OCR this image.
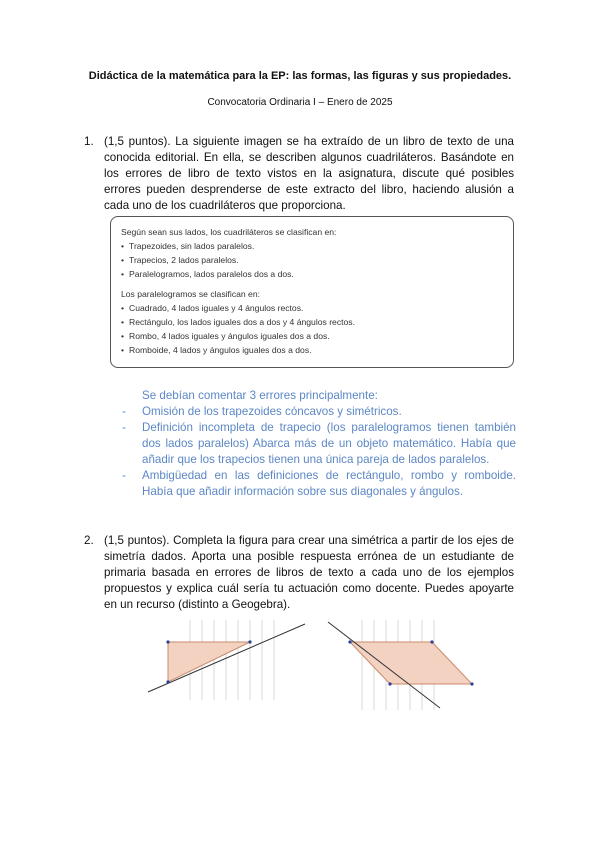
Didáctica de la matemática para la EP: las formas, las figuras y sus propiedades.
Convocatoria Ordinaria I – Enero de 2025
1. (1,5 puntos). La siguiente imagen se ha extraído de un libro de texto de una conocida editorial. En ella, se describen algunos cuadriláteros. Basándote en los errores de libro de texto vistos en la asignatura, discute qué posibles errores pueden desprenderse de este extracto del libro, haciendo alusión a cada uno de los cuadriláteros que proporciona.
Según sean sus lados, los cuadriláteros se clasifican en:
• Trapezoides, sin lados paralelos.
• Trapecios, 2 lados paralelos.
• Paralelogramos, lados paralelos dos a dos.
Los paralelogramos se clasifican en:
• Cuadrado, 4 lados iguales y 4 ángulos rectos.
• Rectángulo, los lados iguales dos a dos y 4 ángulos rectos.
• Rombo, 4 lados iguales y ángulos iguales dos a dos.
• Romboide, 4 lados y ángulos iguales dos a dos.
Se debían comentar 3 errores principalmente:
- Omisión de los trapezoides cóncavos y simétricos.
- Definición incompleta de trapecio (los paralelogramos tienen también dos lados paralelos) Abarca más de un objeto matemático. Había que añadir que los trapecios tienen una única pareja de lados paralelos.
- Ambigüedad en las definiciones de rectángulo, rombo y romboide. Había que añadir información sobre sus diagonales y ángulos.
2. (1,5 puntos). Completa la figura para crear una simétrica a partir de los ejes de simetría dados. Aporta una posible respuesta errónea de un estudiante de primaria basada en errores de libros de texto a cada uno de los ejemplos propuestos y explica cuál sería tu actuación como docente. Puedes apoyarte en un recurso (distinto a Geogebra).
